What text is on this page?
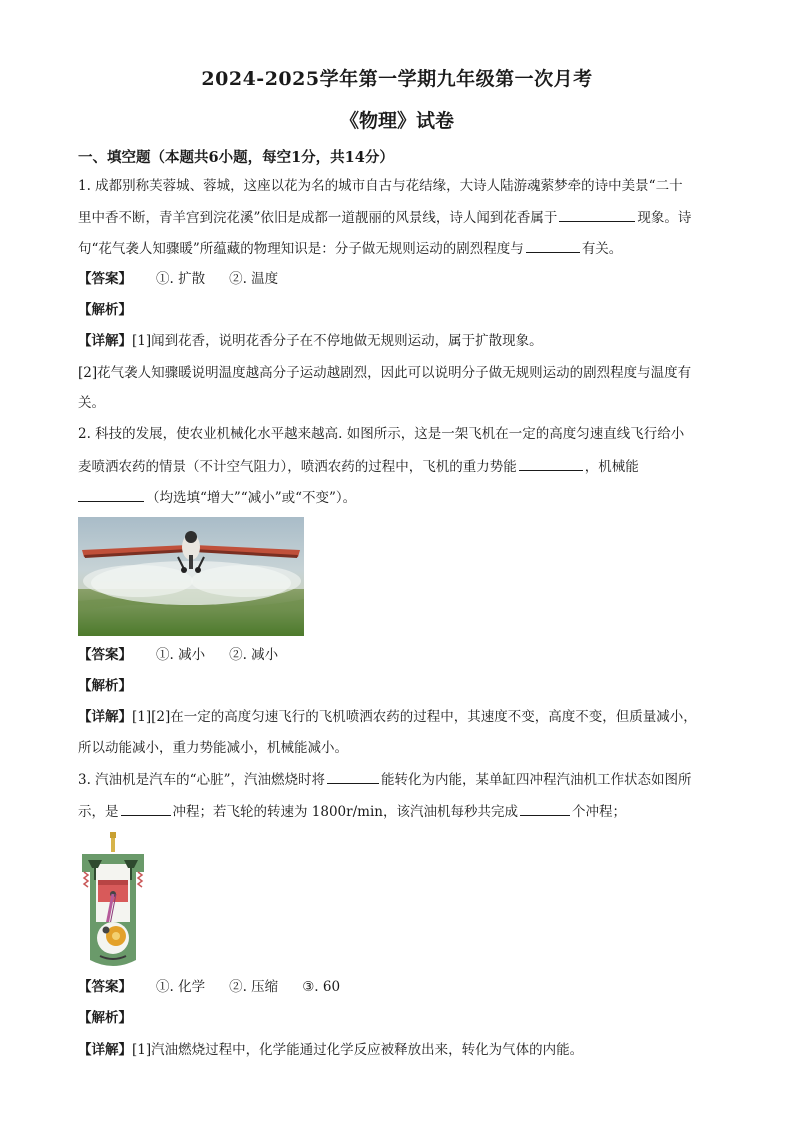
2024-2025学年第一学期九年级第一次月考
《物理》试卷
一、填空题（本题共6小题，每空1分，共14分）
1. 成都别称芙蓉城、蓉城，这座以花为名的城市自古与花结缘，大诗人陆游魂萦梦牵的诗中美景“二十
里中香不断，青羊宫到浣花溪”依旧是成都一道靓丽的风景线，诗人闻到花香属于	现象。诗
句“花气袭人知骤暖”所蕴藏的物理知识是：分子做无规则运动的剧烈程度与	有关。
【答案】 ①. 扩散 ②. 温度
【解析】
【详解】[1]闻到花香，说明花香分子在不停地做无规则运动，属于扩散现象。
[2]花气袭人知骤暖说明温度越高分子运动越剧烈，因此可以说明分子做无规则运动的剧烈程度与温度有
关。
2. 科技的发展，使农业机械化水平越来越高. 如图所示，这是一架飞机在一定的高度匀速直线飞行给小
麦喷洒农药的情景（不计空气阻力），喷洒农药的过程中，飞机的重力势能	，机械能
（均选填“增大”“减小”或“不变”）。
【答案】 ①. 减小 ②. 减小
【解析】
【详解】[1][2]在一定的高度匀速飞行的飞机喷洒农药的过程中，其速度不变，高度不变，但质量减小，
所以动能减小，重力势能减小，机械能减小。
3. 汽油机是汽车的“心脏”，汽油燃烧时将	能转化为内能，某单缸四冲程汽油机工作状态如图所
示，是	冲程；若飞轮的转速为 1800r/min，该汽油机每秒共完成	个冲程；
【答案】 ①. 化学 ②. 压缩 ③. 60
【解析】
【详解】[1]汽油燃烧过程中，化学能通过化学反应被释放出来，转化为气体的内能。
